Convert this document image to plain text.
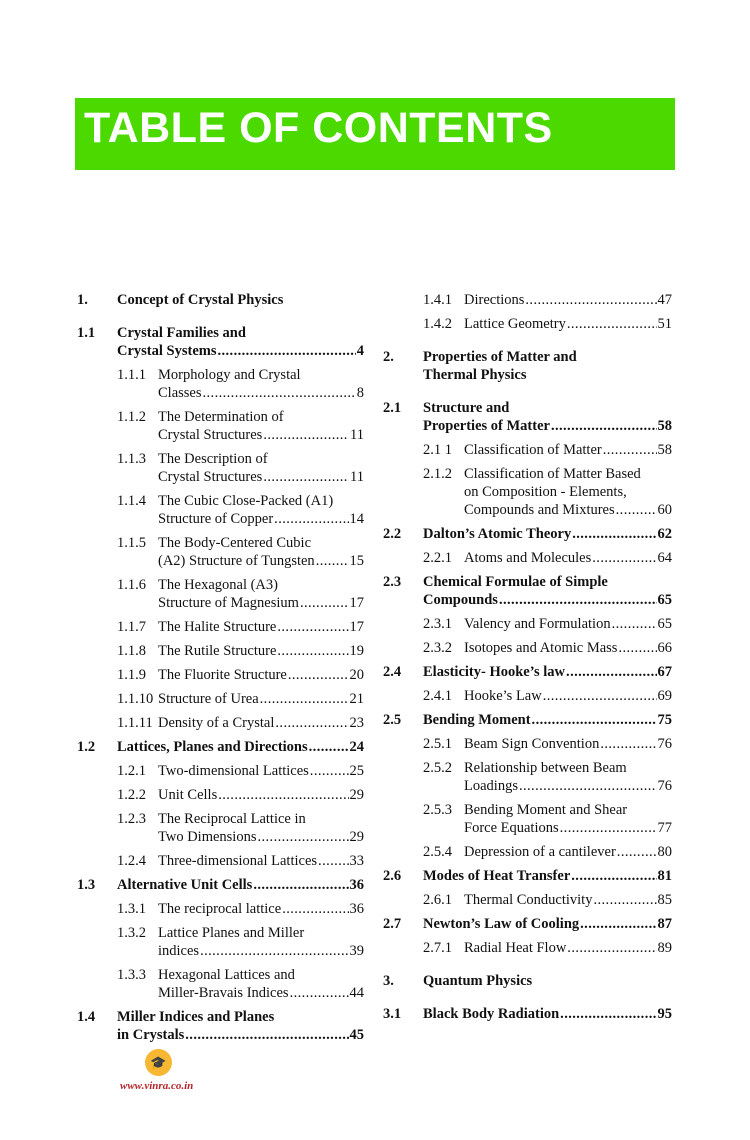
TABLE OF CONTENTS
1. Concept of Crystal Physics
1.1 Crystal Families and
Crystal Systems .....	4
1.1.1 Morphology and Crystal
Classes .....	8
1.1.2 The Determination of
Crystal Structures .....	11
1.1.3 The Description of
Crystal Structures .....	11
1.1.4 The Cubic Close-Packed (A1)
Structure of Copper .....	14
1.1.5 The Body-Centered Cubic
(A2) Structure of Tungsten ..... 15
1.1.6 The Hexagonal (A3)
Structure of Magnesium .....	17
1.1.7 The Halite Structure .....	17
1.1.8 The Rutile Structure .....	19
1.1.9 The Fluorite Structure .....	20
1.1.10 Structure of Urea .....	21
1.1.11 Density of a Crystal .....	23
1.2 Lattices, Planes and Directions .....	24
1.2.1 Two-dimensional Lattices .....	25
1.2.2 Unit Cells .....	29
1.2.3 The Reciprocal Lattice in
Two Dimensions .....	29
1.2.4 Three-dimensional Lattices ..... 33
1.3 Alternative Unit Cells .....	36
1.3.1 The reciprocal lattice .....	36
1.3.2 Lattice Planes and Miller
indices .....	39
1.3.3 Hexagonal Lattices and
Miller-Bravais Indices .....	44
1.4 Miller Indices and Planes
in Crystals .....	45
1.4.1 Directions .....	47
1.4.2 Lattice Geometry .....	51
2. Properties of Matter and
Thermal Physics
2.1 Structure and
Properties of Matter .....	58
2.1 1 Classification of Matter .....	58
2.1.2 Classification of Matter Based
on Composition - Elements,
Compounds and Mixtures .....	60
2.2 Dalton’s Atomic Theory .....	62
2.2.1 Atoms and Molecules .....	64
2.3 Chemical Formulae of Simple
Compounds .....	65
2.3.1 Valency and Formulation .....	65
2.3.2 Isotopes and Atomic Mass .....	66
2.4 Elasticity- Hooke’s law .....	67
2.4.1 Hooke’s Law .....	69
2.5 Bending Moment .....	75
2.5.1 Beam Sign Convention .....	76
2.5.2 Relationship between Beam
Loadings .....	76
2.5.3 Bending Moment and Shear
Force Equations .....	77
2.5.4 Depression of a cantilever .....	80
2.6 Modes of Heat Transfer .....	81
2.6.1 Thermal Conductivity .....	85
2.7 Newton’s Law of Cooling .....	87
2.7.1 Radial Heat Flow .....	89
3. Quantum Physics
3.1 Black Body Radiation .....	95
🎓
www.vinra.co.in
